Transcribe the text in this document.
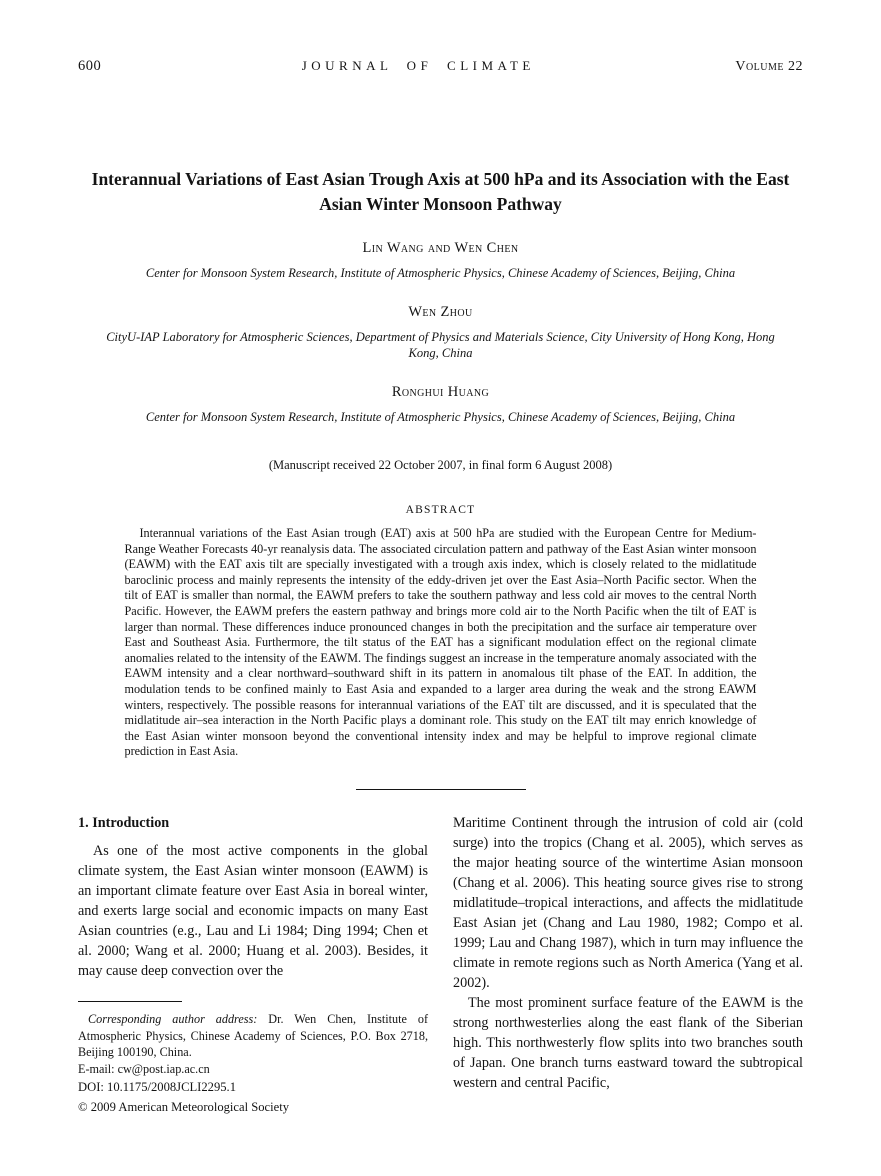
600	JOURNAL OF CLIMATE	Volume 22
Interannual Variations of East Asian Trough Axis at 500 hPa and its Association with the East Asian Winter Monsoon Pathway
Lin Wang and Wen Chen
Center for Monsoon System Research, Institute of Atmospheric Physics, Chinese Academy of Sciences, Beijing, China
Wen Zhou
CityU-IAP Laboratory for Atmospheric Sciences, Department of Physics and Materials Science, City University of Hong Kong, Hong Kong, China
Ronghui Huang
Center for Monsoon System Research, Institute of Atmospheric Physics, Chinese Academy of Sciences, Beijing, China
(Manuscript received 22 October 2007, in final form 6 August 2008)
ABSTRACT
Interannual variations of the East Asian trough (EAT) axis at 500 hPa are studied with the European Centre for Medium-Range Weather Forecasts 40-yr reanalysis data. The associated circulation pattern and pathway of the East Asian winter monsoon (EAWM) with the EAT axis tilt are specially investigated with a trough axis index, which is closely related to the midlatitude baroclinic process and mainly represents the intensity of the eddy-driven jet over the East Asia–North Pacific sector. When the tilt of EAT is smaller than normal, the EAWM prefers to take the southern pathway and less cold air moves to the central North Pacific. However, the EAWM prefers the eastern pathway and brings more cold air to the North Pacific when the tilt of EAT is larger than normal. These differences induce pronounced changes in both the precipitation and the surface air temperature over East and Southeast Asia. Furthermore, the tilt status of the EAT has a significant modulation effect on the regional climate anomalies related to the intensity of the EAWM. The findings suggest an increase in the temperature anomaly associated with the EAWM intensity and a clear northward–southward shift in its pattern in anomalous tilt phase of the EAT. In addition, the modulation tends to be confined mainly to East Asia and expanded to a larger area during the weak and the strong EAWM winters, respectively. The possible reasons for interannual variations of the EAT tilt are discussed, and it is speculated that the midlatitude air–sea interaction in the North Pacific plays a dominant role. This study on the EAT tilt may enrich knowledge of the East Asian winter monsoon beyond the conventional intensity index and may be helpful to improve regional climate prediction in East Asia.
1. Introduction

As one of the most active components in the global climate system, the East Asian winter monsoon (EAWM) is an important climate feature over East Asia in boreal winter, and exerts large social and economic impacts on many East Asian countries (e.g., Lau and Li 1984; Ding 1994; Chen et al. 2000; Wang et al. 2000; Huang et al. 2003). Besides, it may cause deep convection over the

Corresponding author address: Dr. Wen Chen, Institute of Atmospheric Physics, Chinese Academy of Sciences, P.O. Box 2718, Beijing 100190, China.

E-mail: cw@post.iap.ac.cn

DOI: 10.1175/2008JCLI2295.1

© 2009 American Meteorological Society

Maritime Continent through the intrusion of cold air (cold surge) into the tropics (Chang et al. 2005), which serves as the major heating source of the wintertime Asian monsoon (Chang et al. 2006). This heating source gives rise to strong midlatitude–tropical interactions, and affects the midlatitude East Asian jet (Chang and Lau 1980, 1982; Compo et al. 1999; Lau and Chang 1987), which in turn may influence the climate in remote regions such as North America (Yang et al. 2002).

The most prominent surface feature of the EAWM is the strong northwesterlies along the east flank of the Siberian high. This northwesterly flow splits into two branches south of Japan. One branch turns eastward toward the subtropical western and central Pacific,
